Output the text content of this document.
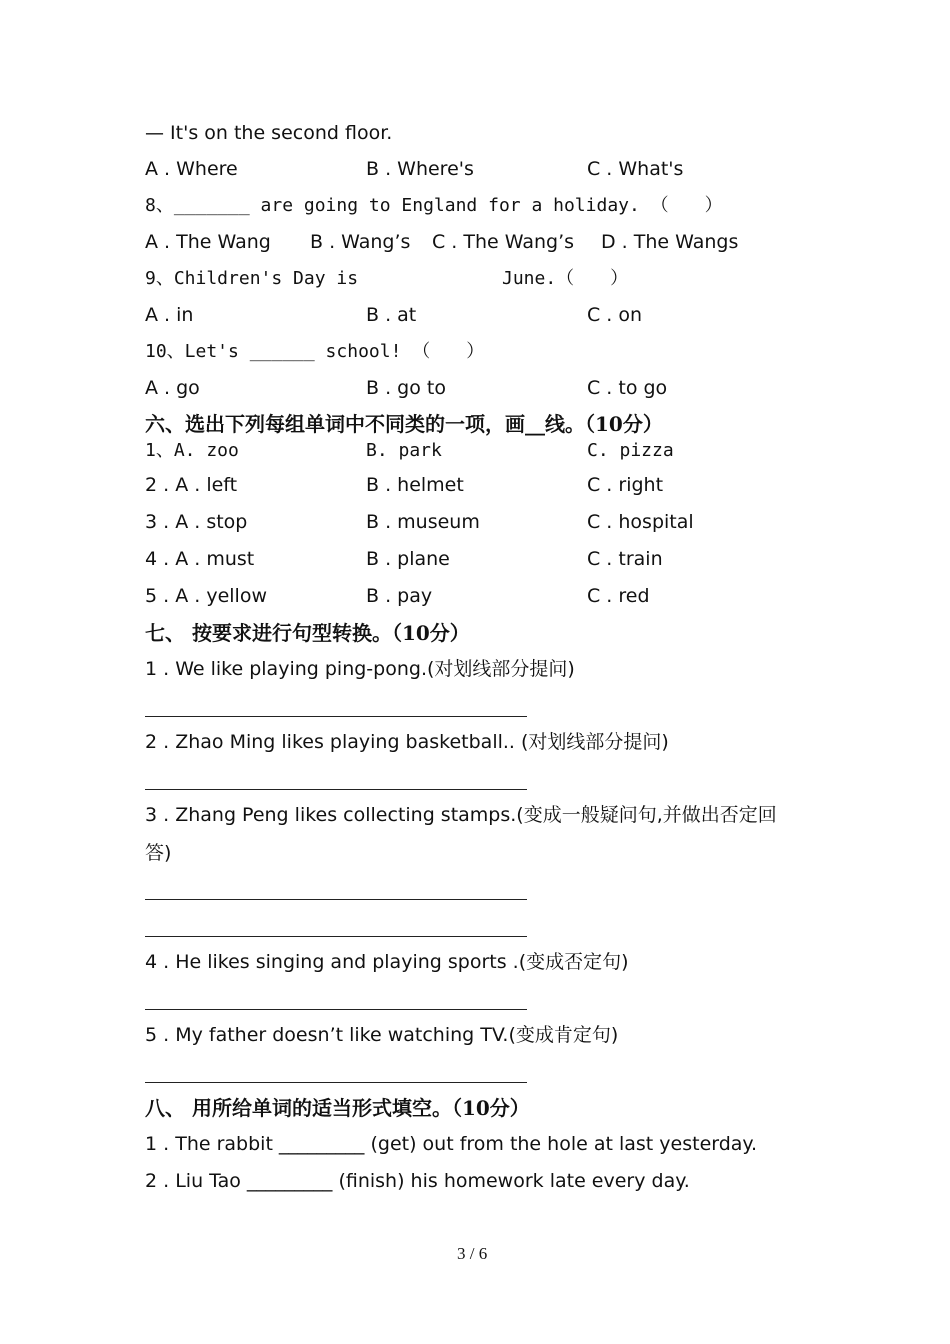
— It's on the second floor.
A . Where	B . Where's	C . What's
8、_______ are going to England for a holiday. （　　）
A . The Wang B . Wang’s C . The Wang’s D . The Wangs
9、Children's Day is	June.（　　）
A . in	B . at	C . on
10、Let's ______ school! （　　）
A . go	B . go to	C . to go
六、选出下列每组单词中不同类的一项，画__线。（10分）
1、A. zoo	B. park	C. pizza
2 . A . left	B . helmet	C . right
3 . A . stop	B . museum	C . hospital
4 . A . must	B . plane	C . train
5 . A . yellow	B . pay	C . red
七、 按要求进行句型转换。（10分）
1 . We like playing ping-pong.(对划线部分提问)
2 . Zhao Ming likes playing basketball.. (对划线部分提问)
3 . Zhang Peng likes collecting stamps.(变成一般疑问句,并做出否定回
答)
4 . He likes singing and playing sports .(变成否定句)
5 . My father doesn’t like watching TV.(变成肯定句)
八、 用所给单词的适当形式填空。（10分）
1 . The rabbit _________ (get) out from the hole at last yesterday.
2 . Liu Tao _________ (finish) his homework late every day.
3 / 6
